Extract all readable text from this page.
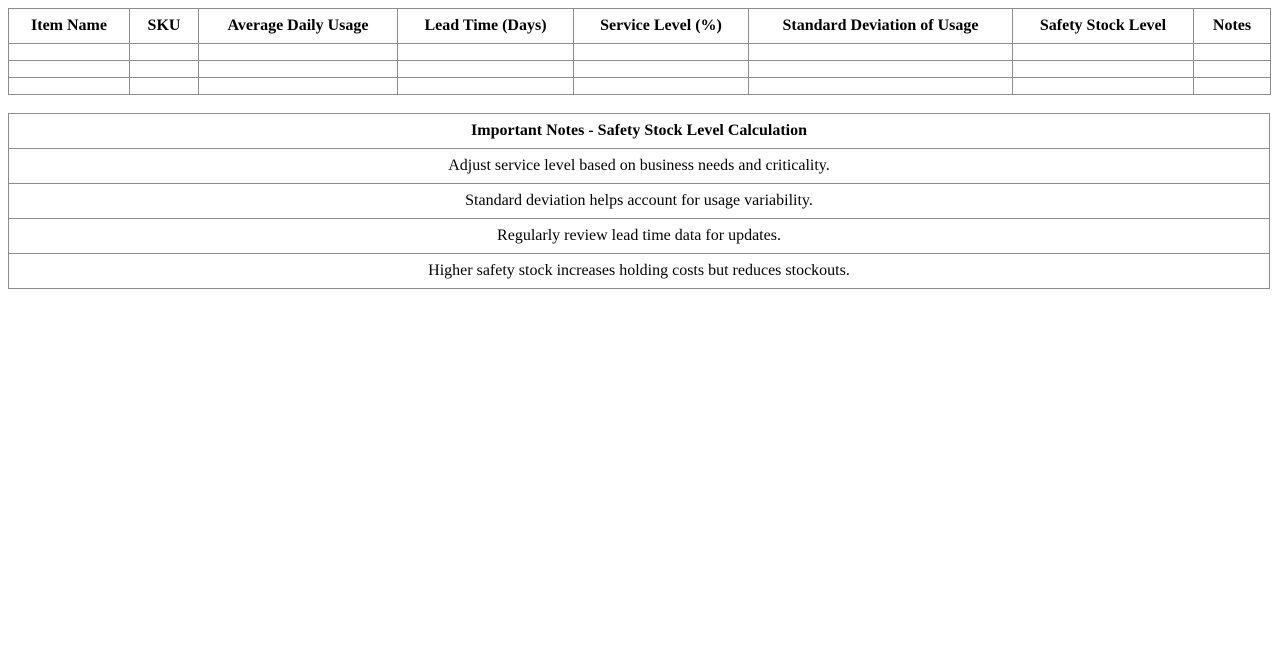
Item Name	SKU	Average Daily Usage	Lead Time (Days)	Service Level (%)	Standard Deviation of Usage	Safety Stock Level	Notes

Important Notes - Safety Stock Level Calculation
Adjust service level based on business needs and criticality.
Standard deviation helps account for usage variability.
Regularly review lead time data for updates.
Higher safety stock increases holding costs but reduces stockouts.
